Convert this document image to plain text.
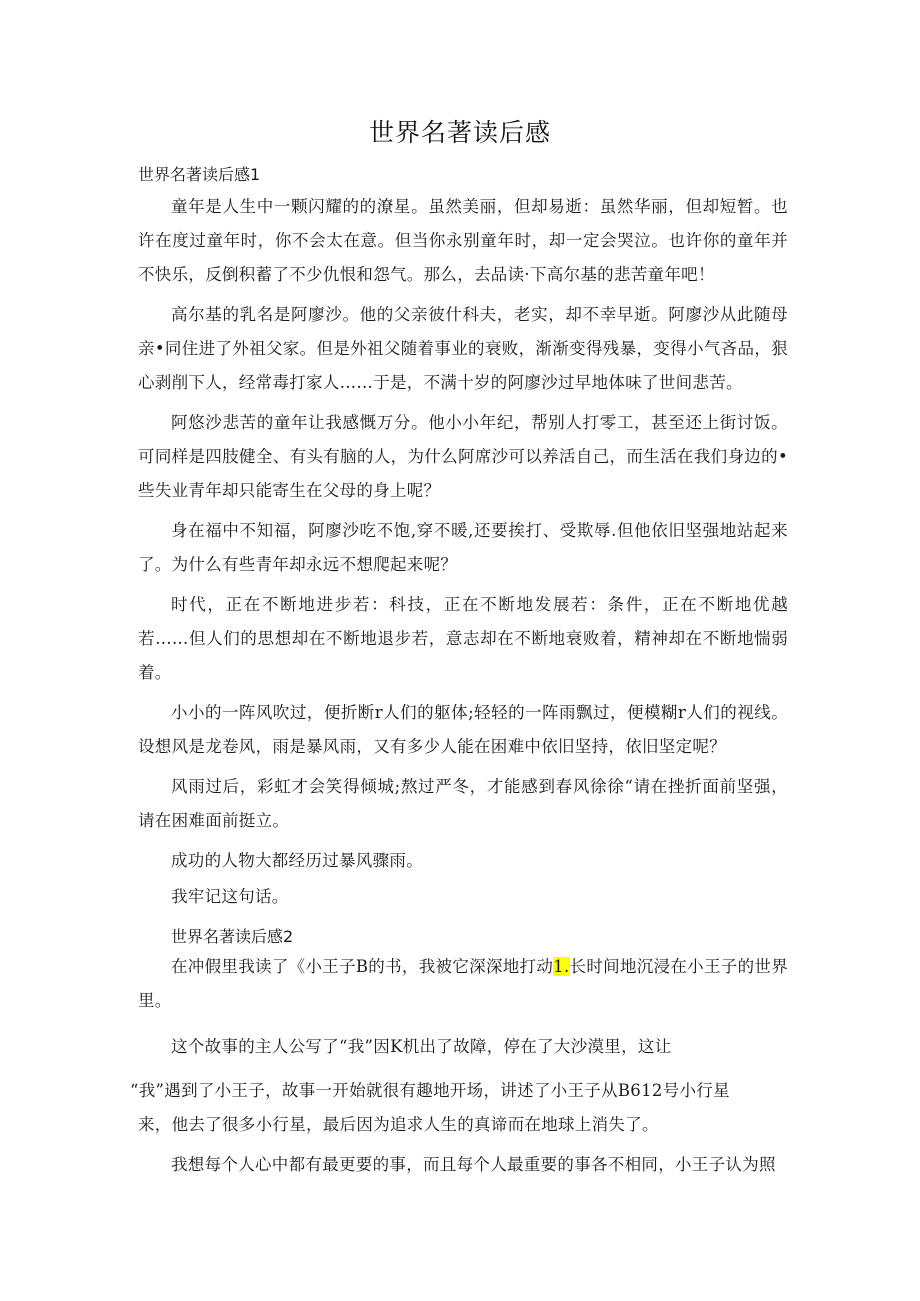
世界名著读后感
世界名著读后感1

童年是人生中一颗闪耀的的潦星。虽然美丽，但却易逝：虽然华丽，但却短暂。也许在度过童年时，你不会太在意。但当你永别童年时，却一定会哭泣。也许你的童年并不快乐，反倒积蓄了不少仇恨和怨气。那么，去品读·下高尔基的悲苦童年吧！

高尔基的乳名是阿廖沙。他的父亲彼什科夫，老实，却不幸早逝。阿廖沙从此随母亲•同住进了外祖父家。但是外祖父随着事业的衰败，渐渐变得残暴，变得小气吝品，狠心剥削下人，经常毒打家人……于是，不满十岁的阿廖沙过早地体味了世间悲苦。

阿悠沙悲苦的童年让我感慨万分。他小小年纪，帮别人打零工，甚至还上街讨饭。可同样是四肢健全、有头有脑的人，为什么阿席沙可以养活自己，而生活在我们身边的•些失业青年却只能寄生在父母的身上呢？

身在福中不知福，阿廖沙吃不饱,穿不暖,还要挨打、受欺辱.但他依旧坚强地站起来了。为什么有些青年却永远不想爬起来呢？

时代，正在不断地进步若：科技，正在不断地发展若：条件，正在不断地优越若……但人们的思想却在不断地退步若，意志却在不断地衰败着，精神却在不断地惴弱着。

小小的一阵风吹过，便折断r人们的躯体;轻轻的一阵雨飘过，便模糊r人们的视线。设想风是龙卷风，雨是暴风雨，又有多少人能在困难中依旧坚持，依旧坚定呢？

风雨过后，彩虹才会笑得倾城;熬过严冬，才能感到春风徐徐“请在挫折面前坚强，请在困难面前挺立。

成功的人物大都经历过暴风骤雨。

我牢记这句话。

世界名著读后感2

在冲假里我读了《小王子B的书，我被它深深地打动1.长时间地沉浸在小王子的世界里。

这个故事的主人公写了“我”因K机出了故障，停在了大沙漠里，这让
“我”遇到了小王子，故事一开始就很有趣地开场，讲述了小王子从B612号小行星
来，他去了很多小行星，最后因为追求人生的真谛而在地球上消失了。

我想每个人心中都有最更要的事，而且每个人最重要的事各不相同，小王子认为照
